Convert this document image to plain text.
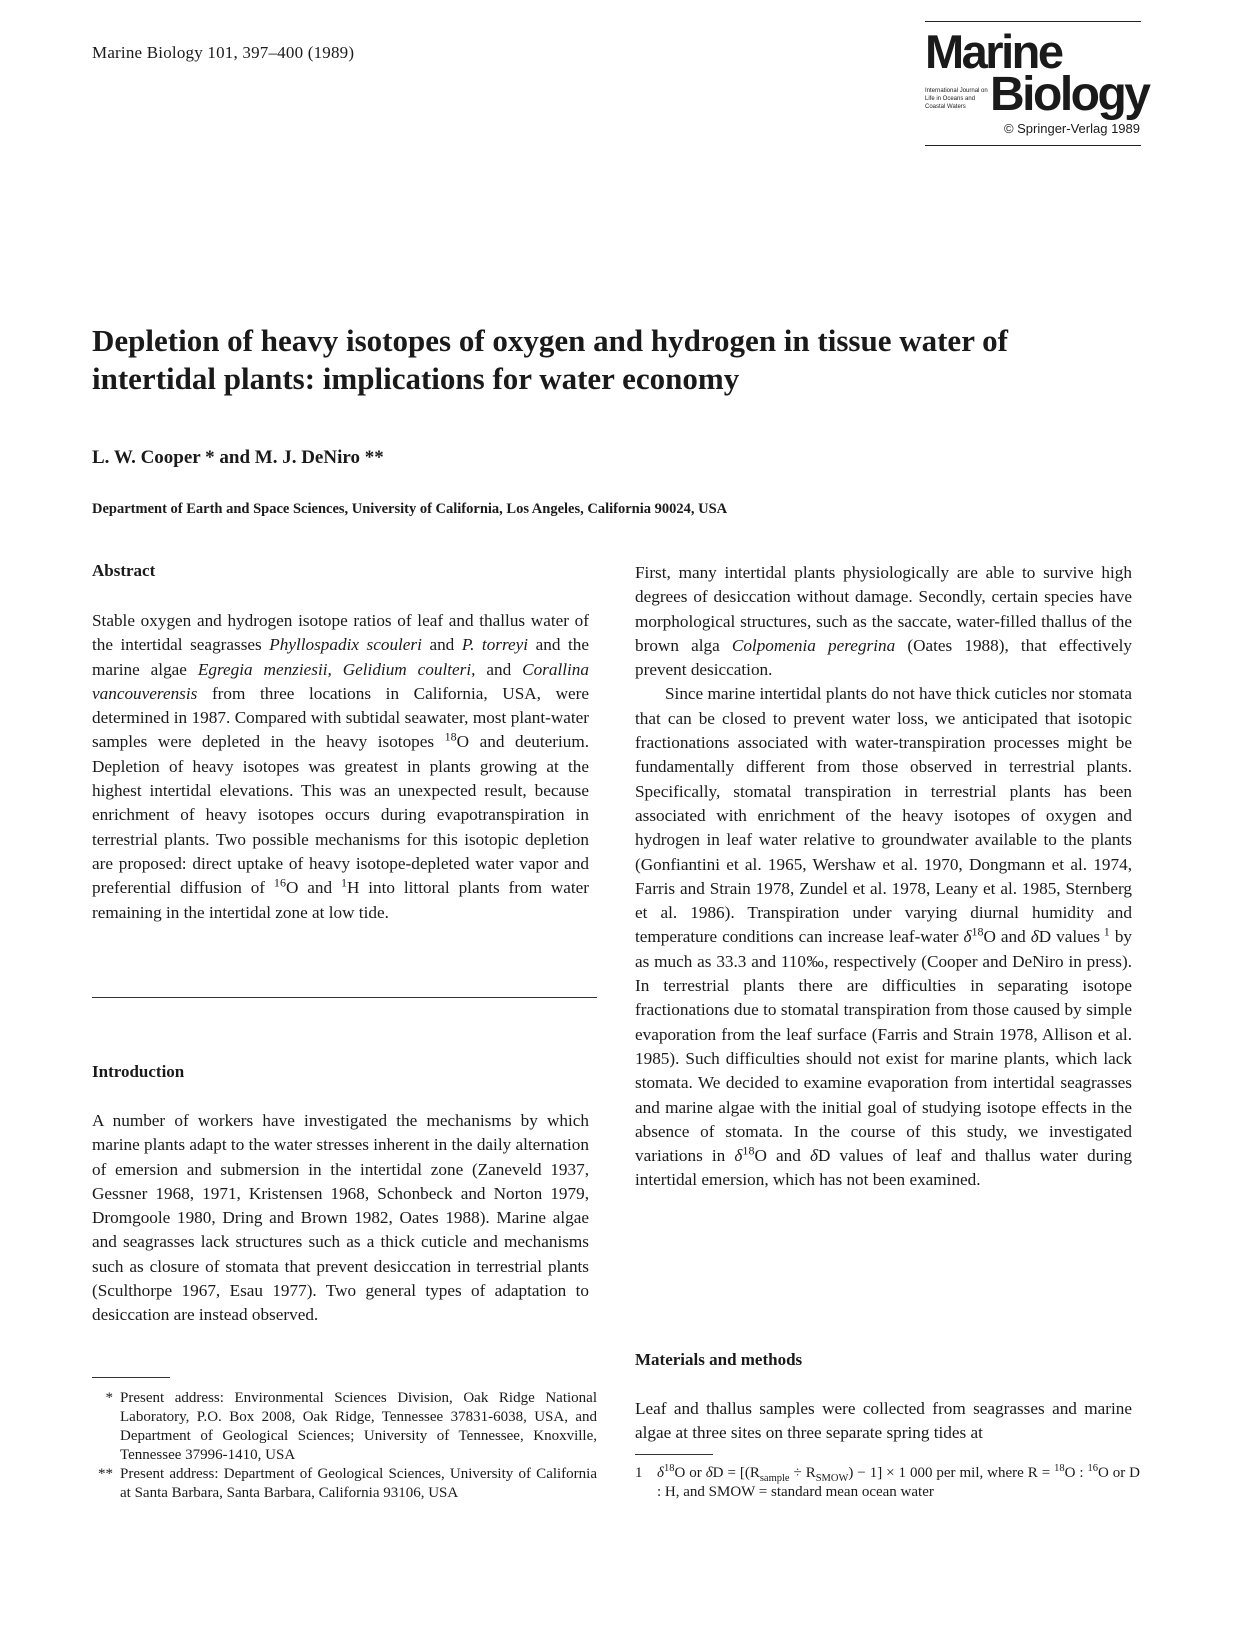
Marine Biology 101, 397–400 (1989)	Marine
International Journal on Life in Oceans and Coastal Waters Biology
© Springer-Verlag 1989
Depletion of heavy isotopes of oxygen and hydrogen in tissue water of intertidal plants: implications for water economy
L. W. Cooper * and M. J. DeNiro **
Department of Earth and Space Sciences, University of California, Los Angeles, California 90024, USA
Abstract

Stable oxygen and hydrogen isotope ratios of leaf and thallus water of the intertidal seagrasses Phyllospadix scouleri and P. torreyi and the marine algae Egregia menziesii, Gelidium coulteri, and Corallina vancouverensis from three locations in California, USA, were determined in 1987. Compared with subtidal seawater, most plant-water samples were depleted in the heavy isotopes $^{18}$O and deuterium. Depletion of heavy isotopes was greatest in plants growing at the highest intertidal elevations. This was an unexpected result, because enrichment of heavy isotopes occurs during evapotranspiration in terrestrial plants. Two possible mechanisms for this isotopic depletion are proposed: direct uptake of heavy isotope-depleted water vapor and preferential diffusion of $^{16}$O and $^1$H into littoral plants from water remaining in the intertidal zone at low tide.

Introduction

A number of workers have investigated the mechanisms by which marine plants adapt to the water stresses inherent in the daily alternation of emersion and submersion in the intertidal zone (Zaneveld 1937, Gessner 1968, 1971, Kristensen 1968, Schonbeck and Norton 1979, Dromgoole 1980, Dring and Brown 1982, Oates 1988). Marine algae and seagrasses lack structures such as a thick cuticle and mechanisms such as closure of stomata that prevent desiccation in terrestrial plants (Sculthorpe 1967, Esau 1977). Two general types of adaptation to desiccation are instead observed.

* Present address: Environmental Sciences Division, Oak Ridge National Laboratory, P.O. Box 2008, Oak Ridge, Tennessee 37831-6038, USA, and Department of Geological Sciences; University of Tennessee, Knoxville, Tennessee 37996-1410, USA
** Present address: Department of Geological Sciences, University of California at Santa Barbara, Santa Barbara, California 93106, USA

First, many intertidal plants physiologically are able to survive high degrees of desiccation without damage. Secondly, certain species have morphological structures, such as the saccate, water-filled thallus of the brown alga Colpomenia peregrina (Oates 1988), that effectively prevent desiccation.

Since marine intertidal plants do not have thick cuticles nor stomata that can be closed to prevent water loss, we anticipated that isotopic fractionations associated with water-transpiration processes might be fundamentally different from those observed in terrestrial plants. Specifically, stomatal transpiration in terrestrial plants has been associated with enrichment of the heavy isotopes of oxygen and hydrogen in leaf water relative to groundwater available to the plants (Gonfiantini et al. 1965, Wershaw et al. 1970, Dongmann et al. 1974, Farris and Strain 1978, Zundel et al. 1978, Leany et al. 1985, Sternberg et al. 1986). Transpiration under varying diurnal humidity and temperature conditions can increase leaf-water $\delta^{18}O$ and δD values $^1$ by as much as 33.3 and 110‰, respectively (Cooper and DeNiro in press). In terrestrial plants there are difficulties in separating isotope fractionations due to stomatal transpiration from those caused by simple evaporation from the leaf surface (Farris and Strain 1978, Allison et al. 1985). Such difficulties should not exist for marine plants, which lack stomata. We decided to examine evaporation from intertidal seagrasses and marine algae with the initial goal of studying isotope effects in the absence of stomata. In the course of this study, we investigated variations in $\delta^{18}O$ and δD values of leaf and thallus water during intertidal emersion, which has not been examined.

Materials and methods

Leaf and thallus samples were collected from seagrasses and marine algae at three sites on three separate spring tides at

1 $\delta^{18}O$ or $\delta D = [(R_{sample} \div R_{SMOW}) - 1] \times 1$ 000 per mil, where R = $^{18}$O : $^{16}$O or D : H, and SMOW = standard mean ocean water
